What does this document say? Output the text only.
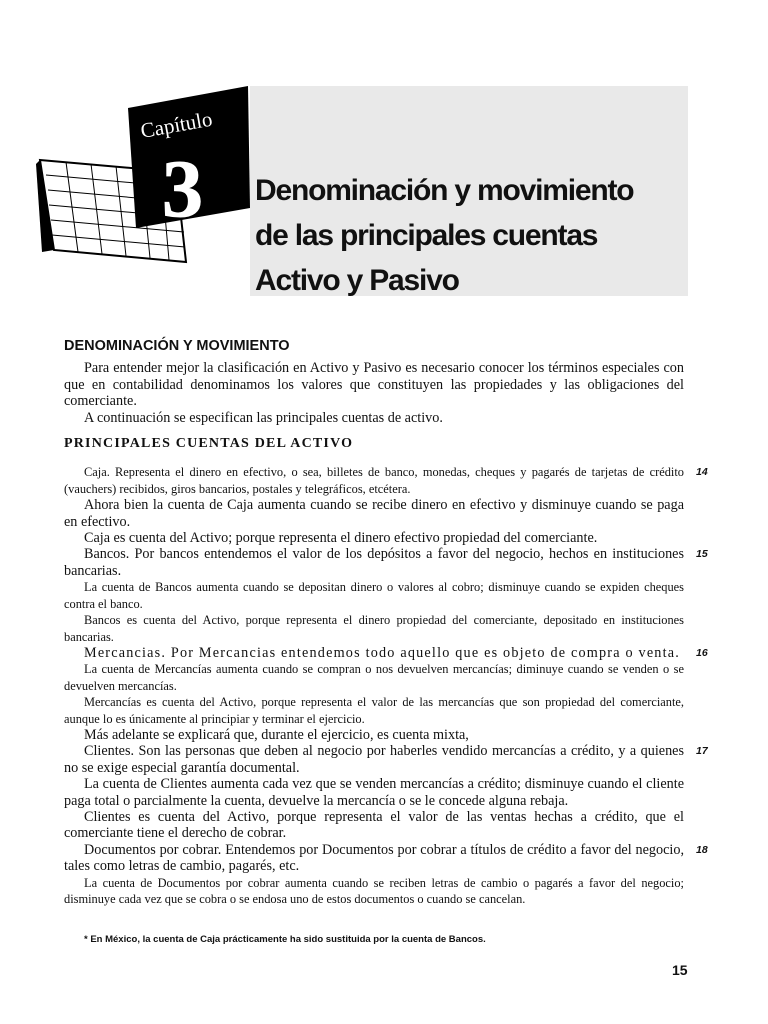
Capítulo
3 Denominación y movimiento
de las principales cuentas
Activo y Pasivo
DENOMINACIÓN Y MOVIMIENTO

Para entender mejor la clasificación en Activo y Pasivo es necesario conocer los términos especiales con que en contabilidad denominamos los valores que constituyen las propiedades y las obligaciones del comerciante.

A continuación se especifican las principales cuentas de activo.

PRINCIPALES CUENTAS DEL ACTIVO
14

Caja. Representa el dinero en efectivo, o sea, billetes de banco, monedas, cheques y pagarés de tarjetas de crédito (vauchers) recibidos, giros bancarios, postales y telegráficos, etcétera.

Ahora bien la cuenta de Caja aumenta cuando se recibe dinero en efectivo y disminuye cuando se paga en efectivo.

Caja es cuenta del Activo; porque representa el dinero efectivo propiedad del comerciante.

15

Bancos. Por bancos entendemos el valor de los depósitos a favor del negocio, hechos en instituciones bancarias.

La cuenta de Bancos aumenta cuando se depositan dinero o valores al cobro; disminuye cuando se expiden cheques contra el banco.

Bancos es cuenta del Activo, porque representa el dinero propiedad del comerciante, depositado en instituciones bancarias.

16

Mercancias. Por Mercancias entendemos todo aquello que es objeto de compra o venta.

La cuenta de Mercancías aumenta cuando se compran o nos devuelven mercancías; diminuye cuando se venden o se devuelven mercancías.

Mercancías es cuenta del Activo, porque representa el valor de las mercancías que son propiedad del comerciante, aunque lo es únicamente al principiar y terminar el ejercicio.

Más adelante se explicará que, durante el ejercicio, es cuenta mixta,

17

Clientes. Son las personas que deben al negocio por haberles vendido mercancías a crédito, y a quienes no se exige especial garantía documental.

La cuenta de Clientes aumenta cada vez que se venden mercancías a crédito; disminuye cuando el cliente paga total o parcialmente la cuenta, devuelve la mercancía o se le concede alguna rebaja.

Clientes es cuenta del Activo, porque representa el valor de las ventas hechas a crédito, que el comerciante tiene el derecho de cobrar.

18

Documentos por cobrar. Entendemos por Documentos por cobrar a títulos de crédito a favor del negocio, tales como letras de cambio, pagarés, etc.

La cuenta de Documentos por cobrar aumenta cuando se reciben letras de cambio o pagarés a favor del negocio; disminuye cada vez que se cobra o se endosa uno de estos documentos o cuando se cancelan.

* En México, la cuenta de Caja prácticamente ha sido sustituida por la cuenta de Bancos.
15
